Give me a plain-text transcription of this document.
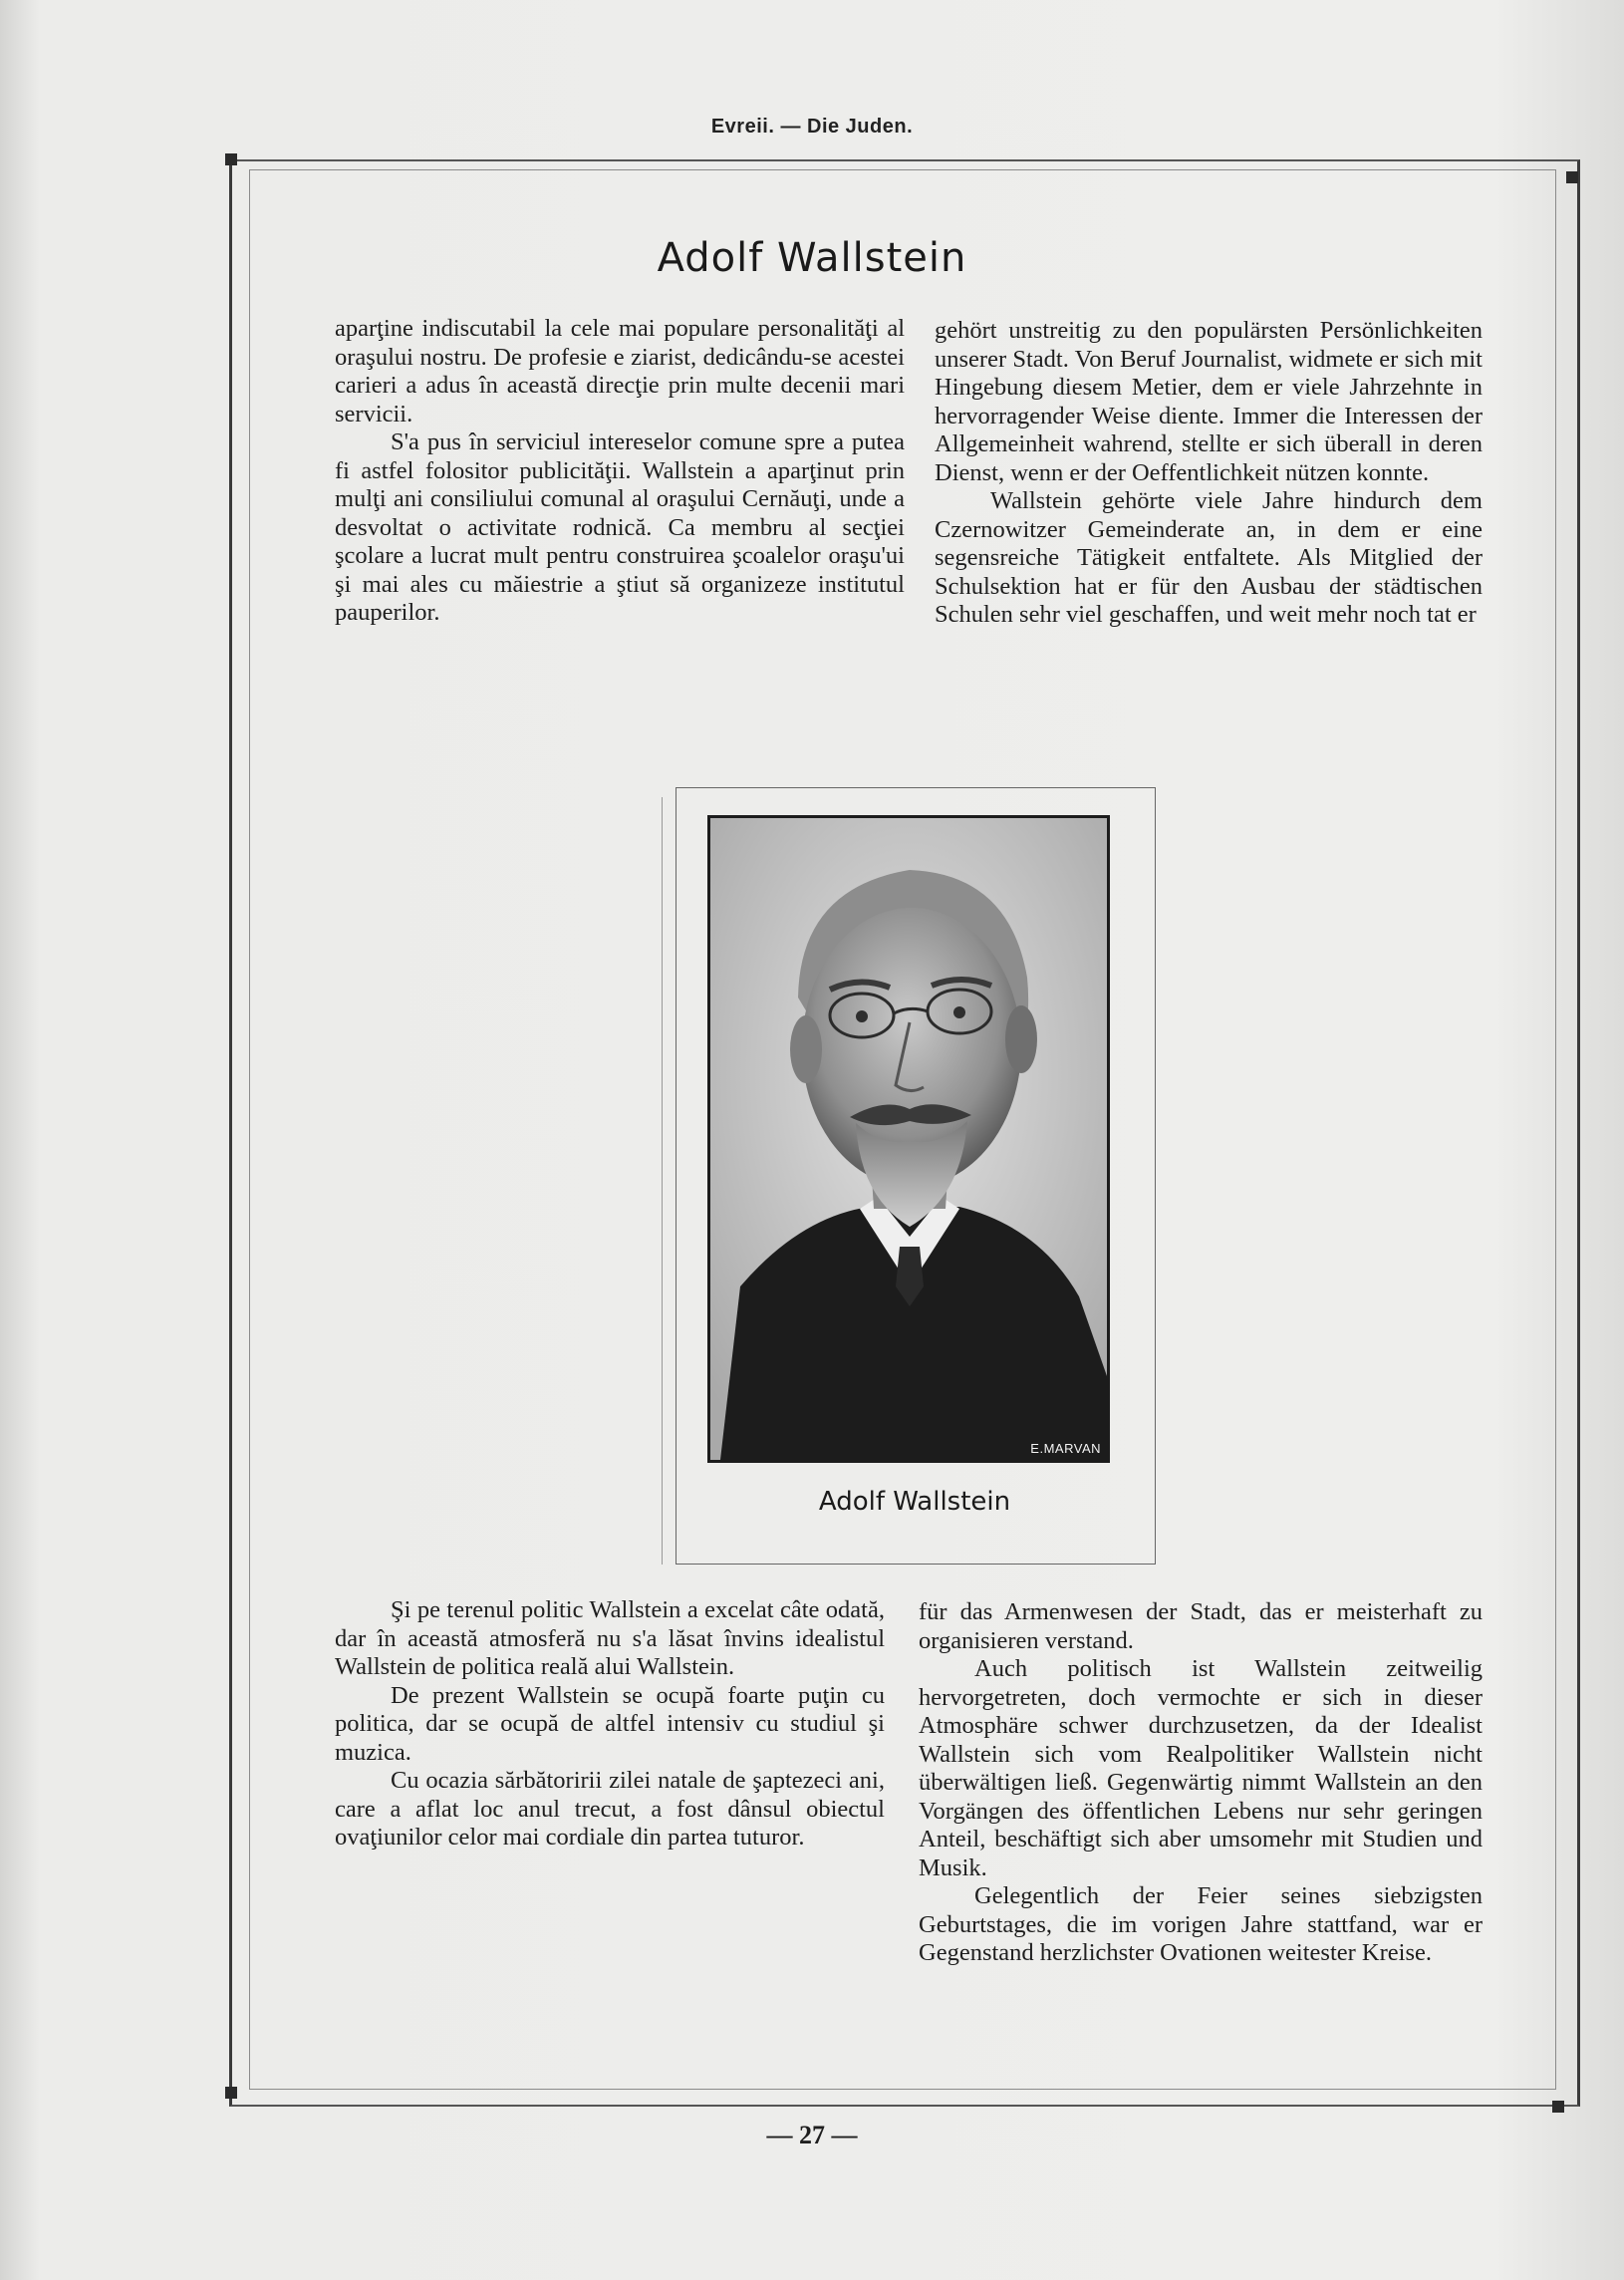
Evreii. — Die Juden.
Adolf Wallstein

aparţine indiscutabil la cele mai populare personalităţi al oraşului nostru. De profesie e ziarist, dedicându-se acestei carieri a adus în această direcţie prin multe decenii mari servicii.

S'a pus în serviciul intereselor comune spre a putea fi astfel folositor publicităţii. Wallstein a aparţinut prin mulţi ani consiliului comunal al oraşului Cernăuţi, unde a desvoltat o activitate rodnică. Ca membru al secţiei şcolare a lucrat mult pentru construirea şcoalelor oraşu'ui şi mai ales cu măiestrie a ştiut să organizeze institutul pauperilor.

gehört unstreitig zu den populärsten Persönlichkeiten unserer Stadt. Von Beruf Journalist, widmete er sich mit Hingebung diesem Metier, dem er viele Jahrzehnte in hervorragender Weise diente. Immer die Interessen der Allgemeinheit wahrend, stellte er sich überall in deren Dienst, wenn er der Oeffentlichkeit nützen konnte.

Wallstein gehörte viele Jahre hindurch dem Czernowitzer Gemeinderate an, in dem er eine segensreiche Tätigkeit entfaltete. Als Mitglied der Schulsektion hat er für den Ausbau der städtischen Schulen sehr viel geschaffen, und weit mehr noch tat er

E.MARVAN
Adolf Wallstein

Şi pe terenul politic Wallstein a excelat câte odată, dar în această atmosferă nu s'a lăsat învins idealistul Wallstein de politica reală alui Wallstein.

De prezent Wallstein se ocupă foarte puţin cu politica, dar se ocupă de altfel intensiv cu studiul şi muzica.

Cu ocazia sărbătoririi zilei natale de şaptezeci ani, care a aflat loc anul trecut, a fost dânsul obiectul ovaţiunilor celor mai cordiale din partea tuturor.

für das Armenwesen der Stadt, das er meisterhaft zu organisieren verstand.

Auch politisch ist Wallstein zeitweilig hervorgetreten, doch vermochte er sich in dieser Atmosphäre schwer durchzusetzen, da der Idealist Wallstein sich vom Realpolitiker Wallstein nicht überwältigen ließ. Gegenwärtig nimmt Wallstein an den Vorgängen des öffentlichen Lebens nur sehr geringen Anteil, beschäftigt sich aber umsomehr mit Studien und Musik.

Gelegentlich der Feier seines siebzigsten Geburtstages, die im vorigen Jahre stattfand, war er Gegenstand herzlichster Ovationen weitester Kreise.

— 27 —
